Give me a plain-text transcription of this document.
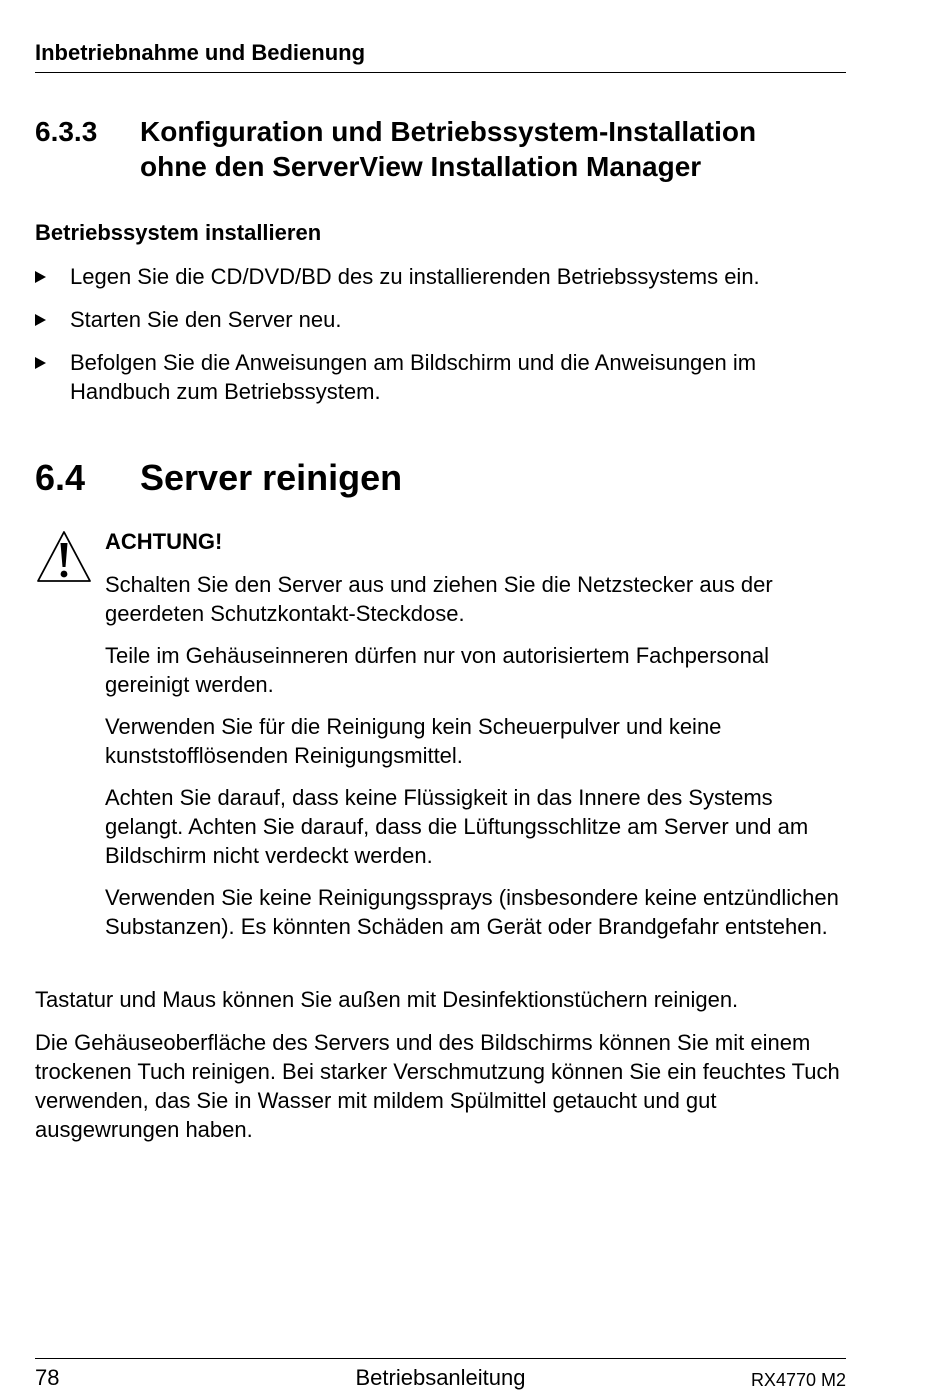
Inbetriebnahme und Bedienung
6.3.3 Konfiguration und Betriebssystem-Installation
ohne den ServerView Installation Manager
Betriebssystem installieren
Legen Sie die CD/DVD/BD des zu installierenden Betriebssystems ein.
Starten Sie den Server neu.
Befolgen Sie die Anweisungen am Bildschirm und die Anweisungen im Handbuch zum Betriebssystem.
6.4 Server reinigen
ACHTUNG!

Schalten Sie den Server aus und ziehen Sie die Netzstecker aus der geerdeten Schutzkontakt-Steckdose.

Teile im Gehäuseinneren dürfen nur von autorisiertem Fachpersonal gereinigt werden.

Verwenden Sie für die Reinigung kein Scheuerpulver und keine kunststofflösenden Reinigungsmittel.

Achten Sie darauf, dass keine Flüssigkeit in das Innere des Systems gelangt. Achten Sie darauf, dass die Lüftungsschlitze am Server und am Bildschirm nicht verdeckt werden.

Verwenden Sie keine Reinigungssprays (insbesondere keine entzündlichen Substanzen). Es könnten Schäden am Gerät oder Brandgefahr entstehen.

Tastatur und Maus können Sie außen mit Desinfektionstüchern reinigen.

Die Gehäuseoberfläche des Servers und des Bildschirms können Sie mit einem trockenen Tuch reinigen. Bei starker Verschmutzung können Sie ein feuchtes Tuch verwenden, das Sie in Wasser mit mildem Spülmittel getaucht und gut ausgewrungen haben.

78	Betriebsanleitung	RX4770 M2
